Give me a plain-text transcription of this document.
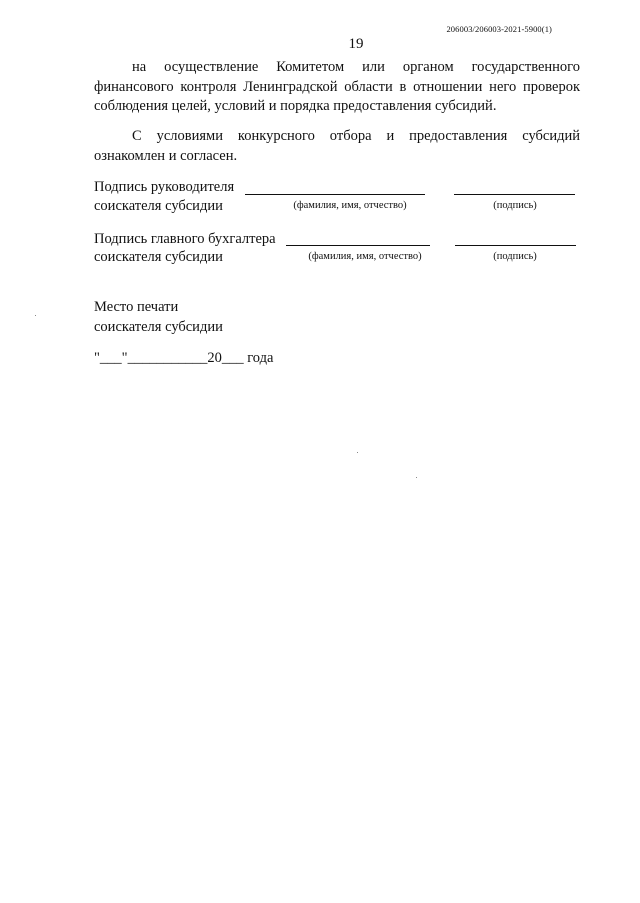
206003/206003-2021-5900(1)
19
на осуществление Комитетом или органом государственного финансового контроля Ленинградской области в отношении него проверок соблюдения целей, условий и порядка предоставления субсидий.
С условиями конкурсного отбора и предоставления субсидий ознакомлен и согласен.
Подпись руководителя
соискателя субсидии	(фамилия, имя, отчество)	(подпись)
Подпись главного бухгалтера
соискателя субсидии	(фамилия, имя, отчество)	(подпись)
Место печати
соискателя субсидии
"___"___________20___ года
